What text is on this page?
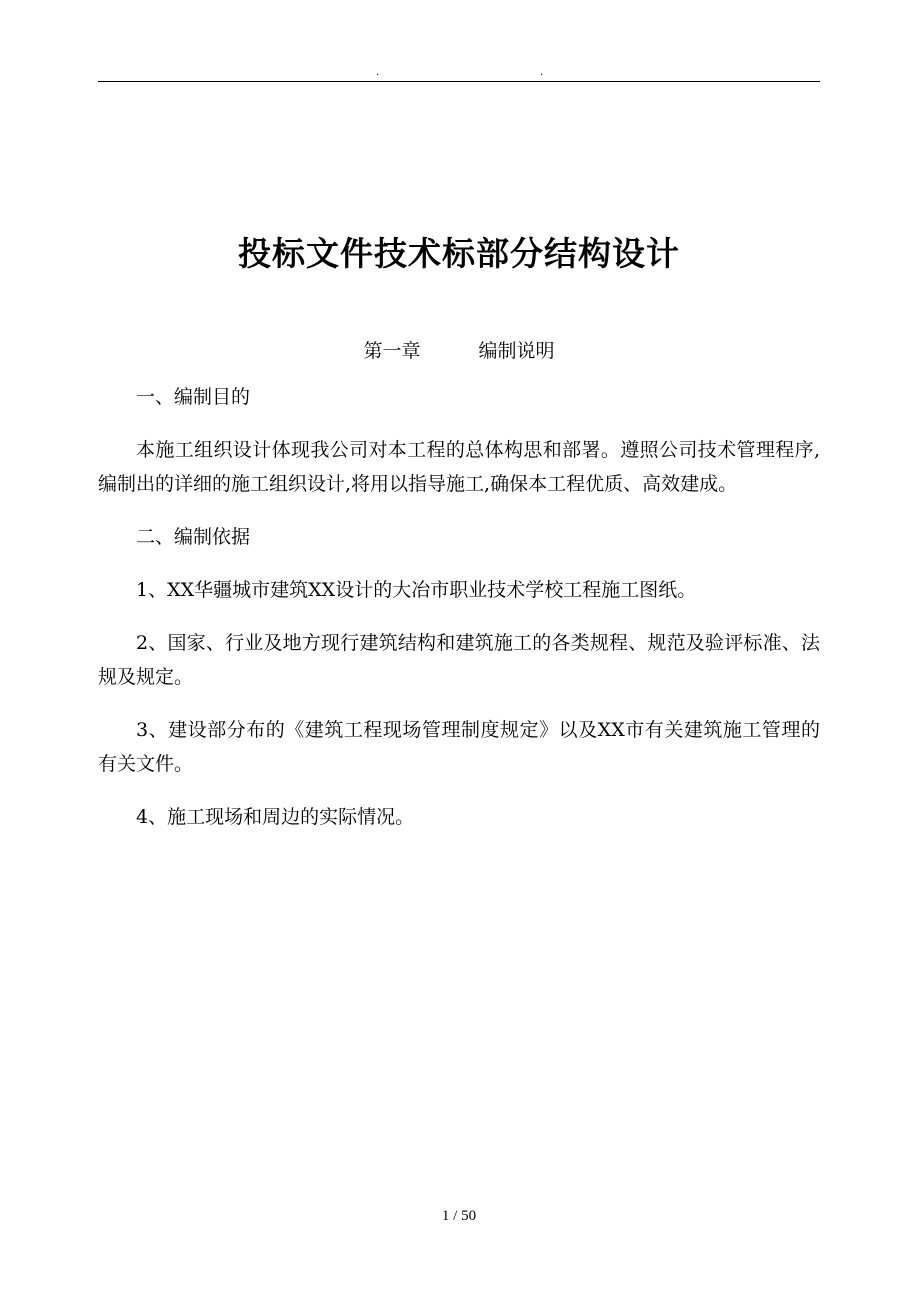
.	.
投标文件技术标部分结构设计
第一章	编制说明

一、编制目的

本施工组织设计体现我公司对本工程的总体构思和部署。遵照公司技术管理程序,编制出的详细的施工组织设计,将用以指导施工,确保本工程优质、高效建成。

二、编制依据

1、XX华疆城市建筑XX设计的大冶市职业技术学校工程施工图纸。

2、国家、行业及地方现行建筑结构和建筑施工的各类规程、规范及验评标准、法规及规定。

3、建设部分布的《建筑工程现场管理制度规定》以及XX市有关建筑施工管理的有关文件。

4、施工现场和周边的实际情况。

1 / 50
